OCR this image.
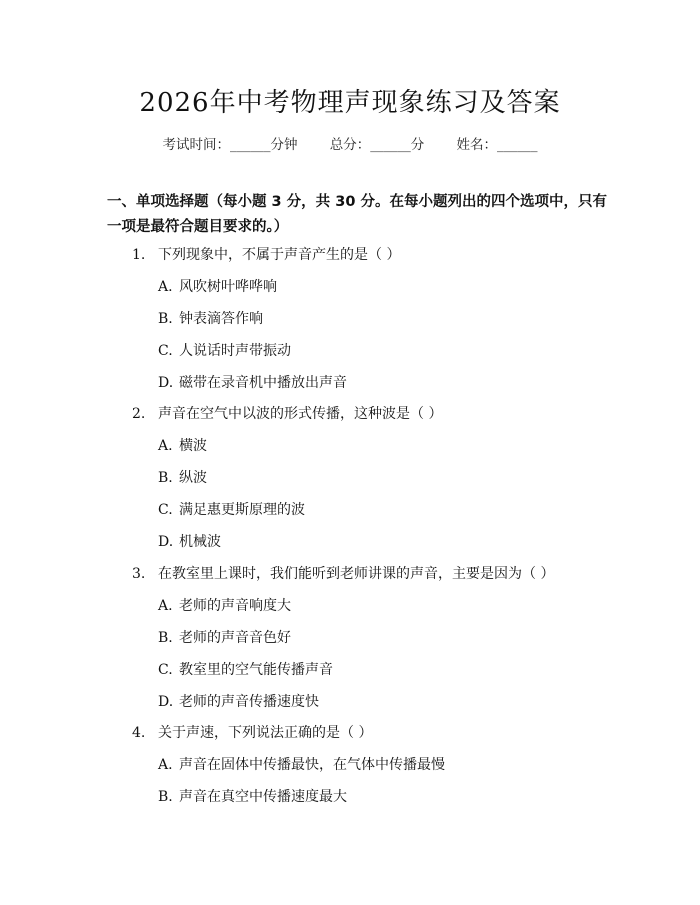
2026年中考物理声现象练习及答案
考试时间：______分钟 总分：______分 姓名：______
一、单项选择题（每小题 3 分，共 30 分。在每小题列出的四个选项中，只有一项是最符合题目要求的。）
1. 下列现象中，不属于声音产生的是（ ）
A. 风吹树叶哗哗响
B. 钟表滴答作响
C. 人说话时声带振动
D. 磁带在录音机中播放出声音
2. 声音在空气中以波的形式传播，这种波是（ ）
A. 横波
B. 纵波
C. 满足惠更斯原理的波
D. 机械波
3. 在教室里上课时，我们能听到老师讲课的声音，主要是因为（ ）
A. 老师的声音响度大
B. 老师的声音音色好
C. 教室里的空气能传播声音
D. 老师的声音传播速度快
4. 关于声速，下列说法正确的是（ ）
A. 声音在固体中传播最快，在气体中传播最慢
B. 声音在真空中传播速度最大
